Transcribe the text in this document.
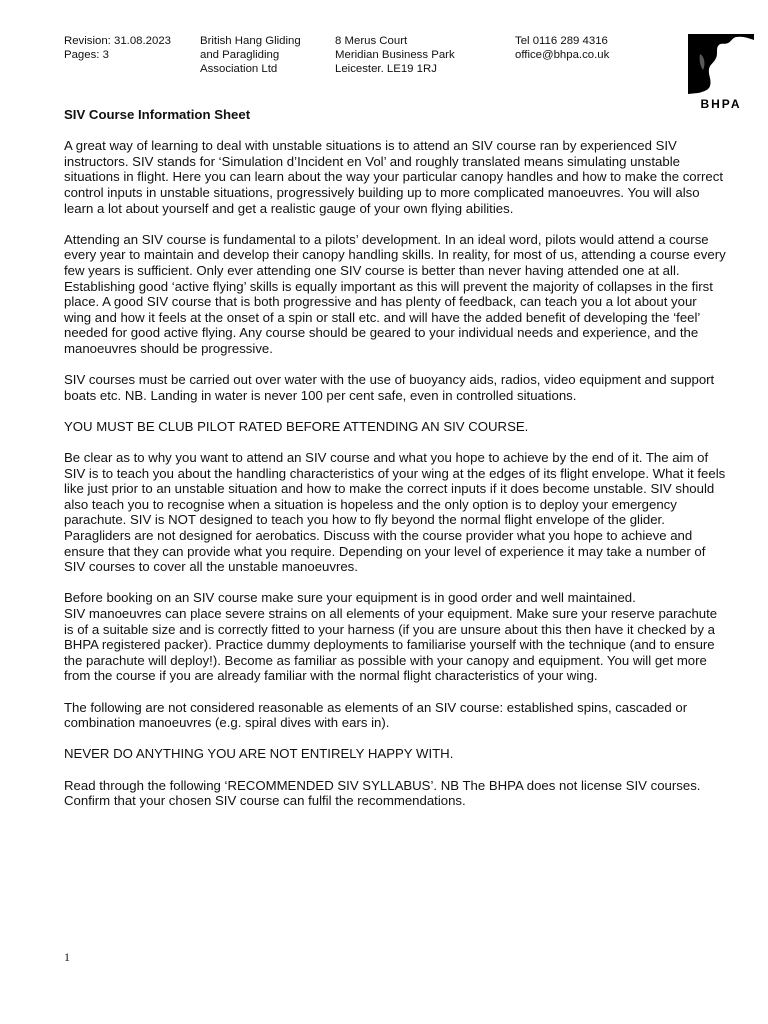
Revision: 31.08.2023
Pages: 3
British Hang Gliding
and Paragliding
Association Ltd
8 Merus Court
Meridian Business Park
Leicester. LE19 1RJ
Tel 0116 289 4316
office@bhpa.co.uk
BHPA

SIV Course Information Sheet

A great way of learning to deal with unstable situations is to attend an SIV course ran by experienced SIV instructors. SIV stands for ‘Simulation d’Incident en Vol’ and roughly translated means simulating unstable situations in flight. Here you can learn about the way your particular canopy handles and how to make the correct control inputs in unstable situations, progressively building up to more complicated manoeuvres. You will also learn a lot about yourself and get a realistic gauge of your own flying abilities.

Attending an SIV course is fundamental to a pilots’ development. In an ideal word, pilots would attend a course every year to maintain and develop their canopy handling skills. In reality, for most of us, attending a course every few years is sufficient. Only ever attending one SIV course is better than never having attended one at all. Establishing good ‘active flying’ skills is equally important as this will prevent the majority of collapses in the first place. A good SIV course that is both progressive and has plenty of feedback, can teach you a lot about your wing and how it feels at the onset of a spin or stall etc. and will have the added benefit of developing the ‘feel’ needed for good active flying. Any course should be geared to your individual needs and experience, and the manoeuvres should be progressive.

SIV courses must be carried out over water with the use of buoyancy aids, radios, video equipment and support boats etc. NB. Landing in water is never 100 per cent safe, even in controlled situations.

YOU MUST BE CLUB PILOT RATED BEFORE ATTENDING AN SIV COURSE.

Be clear as to why you want to attend an SIV course and what you hope to achieve by the end of it. The aim of SIV is to teach you about the handling characteristics of your wing at the edges of its flight envelope. What it feels like just prior to an unstable situation and how to make the correct inputs if it does become unstable. SIV should also teach you to recognise when a situation is hopeless and the only option is to deploy your emergency parachute. SIV is NOT designed to teach you how to fly beyond the normal flight envelope of the glider. Paragliders are not designed for aerobatics. Discuss with the course provider what you hope to achieve and ensure that they can provide what you require. Depending on your level of experience it may take a number of SIV courses to cover all the unstable manoeuvres.

Before booking on an SIV course make sure your equipment is in good order and well maintained.
SIV manoeuvres can place severe strains on all elements of your equipment. Make sure your reserve parachute is of a suitable size and is correctly fitted to your harness (if you are unsure about this then have it checked by a BHPA registered packer). Practice dummy deployments to familiarise yourself with the technique (and to ensure the parachute will deploy!). Become as familiar as possible with your canopy and equipment. You will get more from the course if you are already familiar with the normal flight characteristics of your wing.

The following are not considered reasonable as elements of an SIV course: established spins, cascaded or combination manoeuvres (e.g. spiral dives with ears in).

NEVER DO ANYTHING YOU ARE NOT ENTIRELY HAPPY WITH.

Read through the following ‘RECOMMENDED SIV SYLLABUS’. NB The BHPA does not license SIV courses. Confirm that your chosen SIV course can fulfil the recommendations.

1
